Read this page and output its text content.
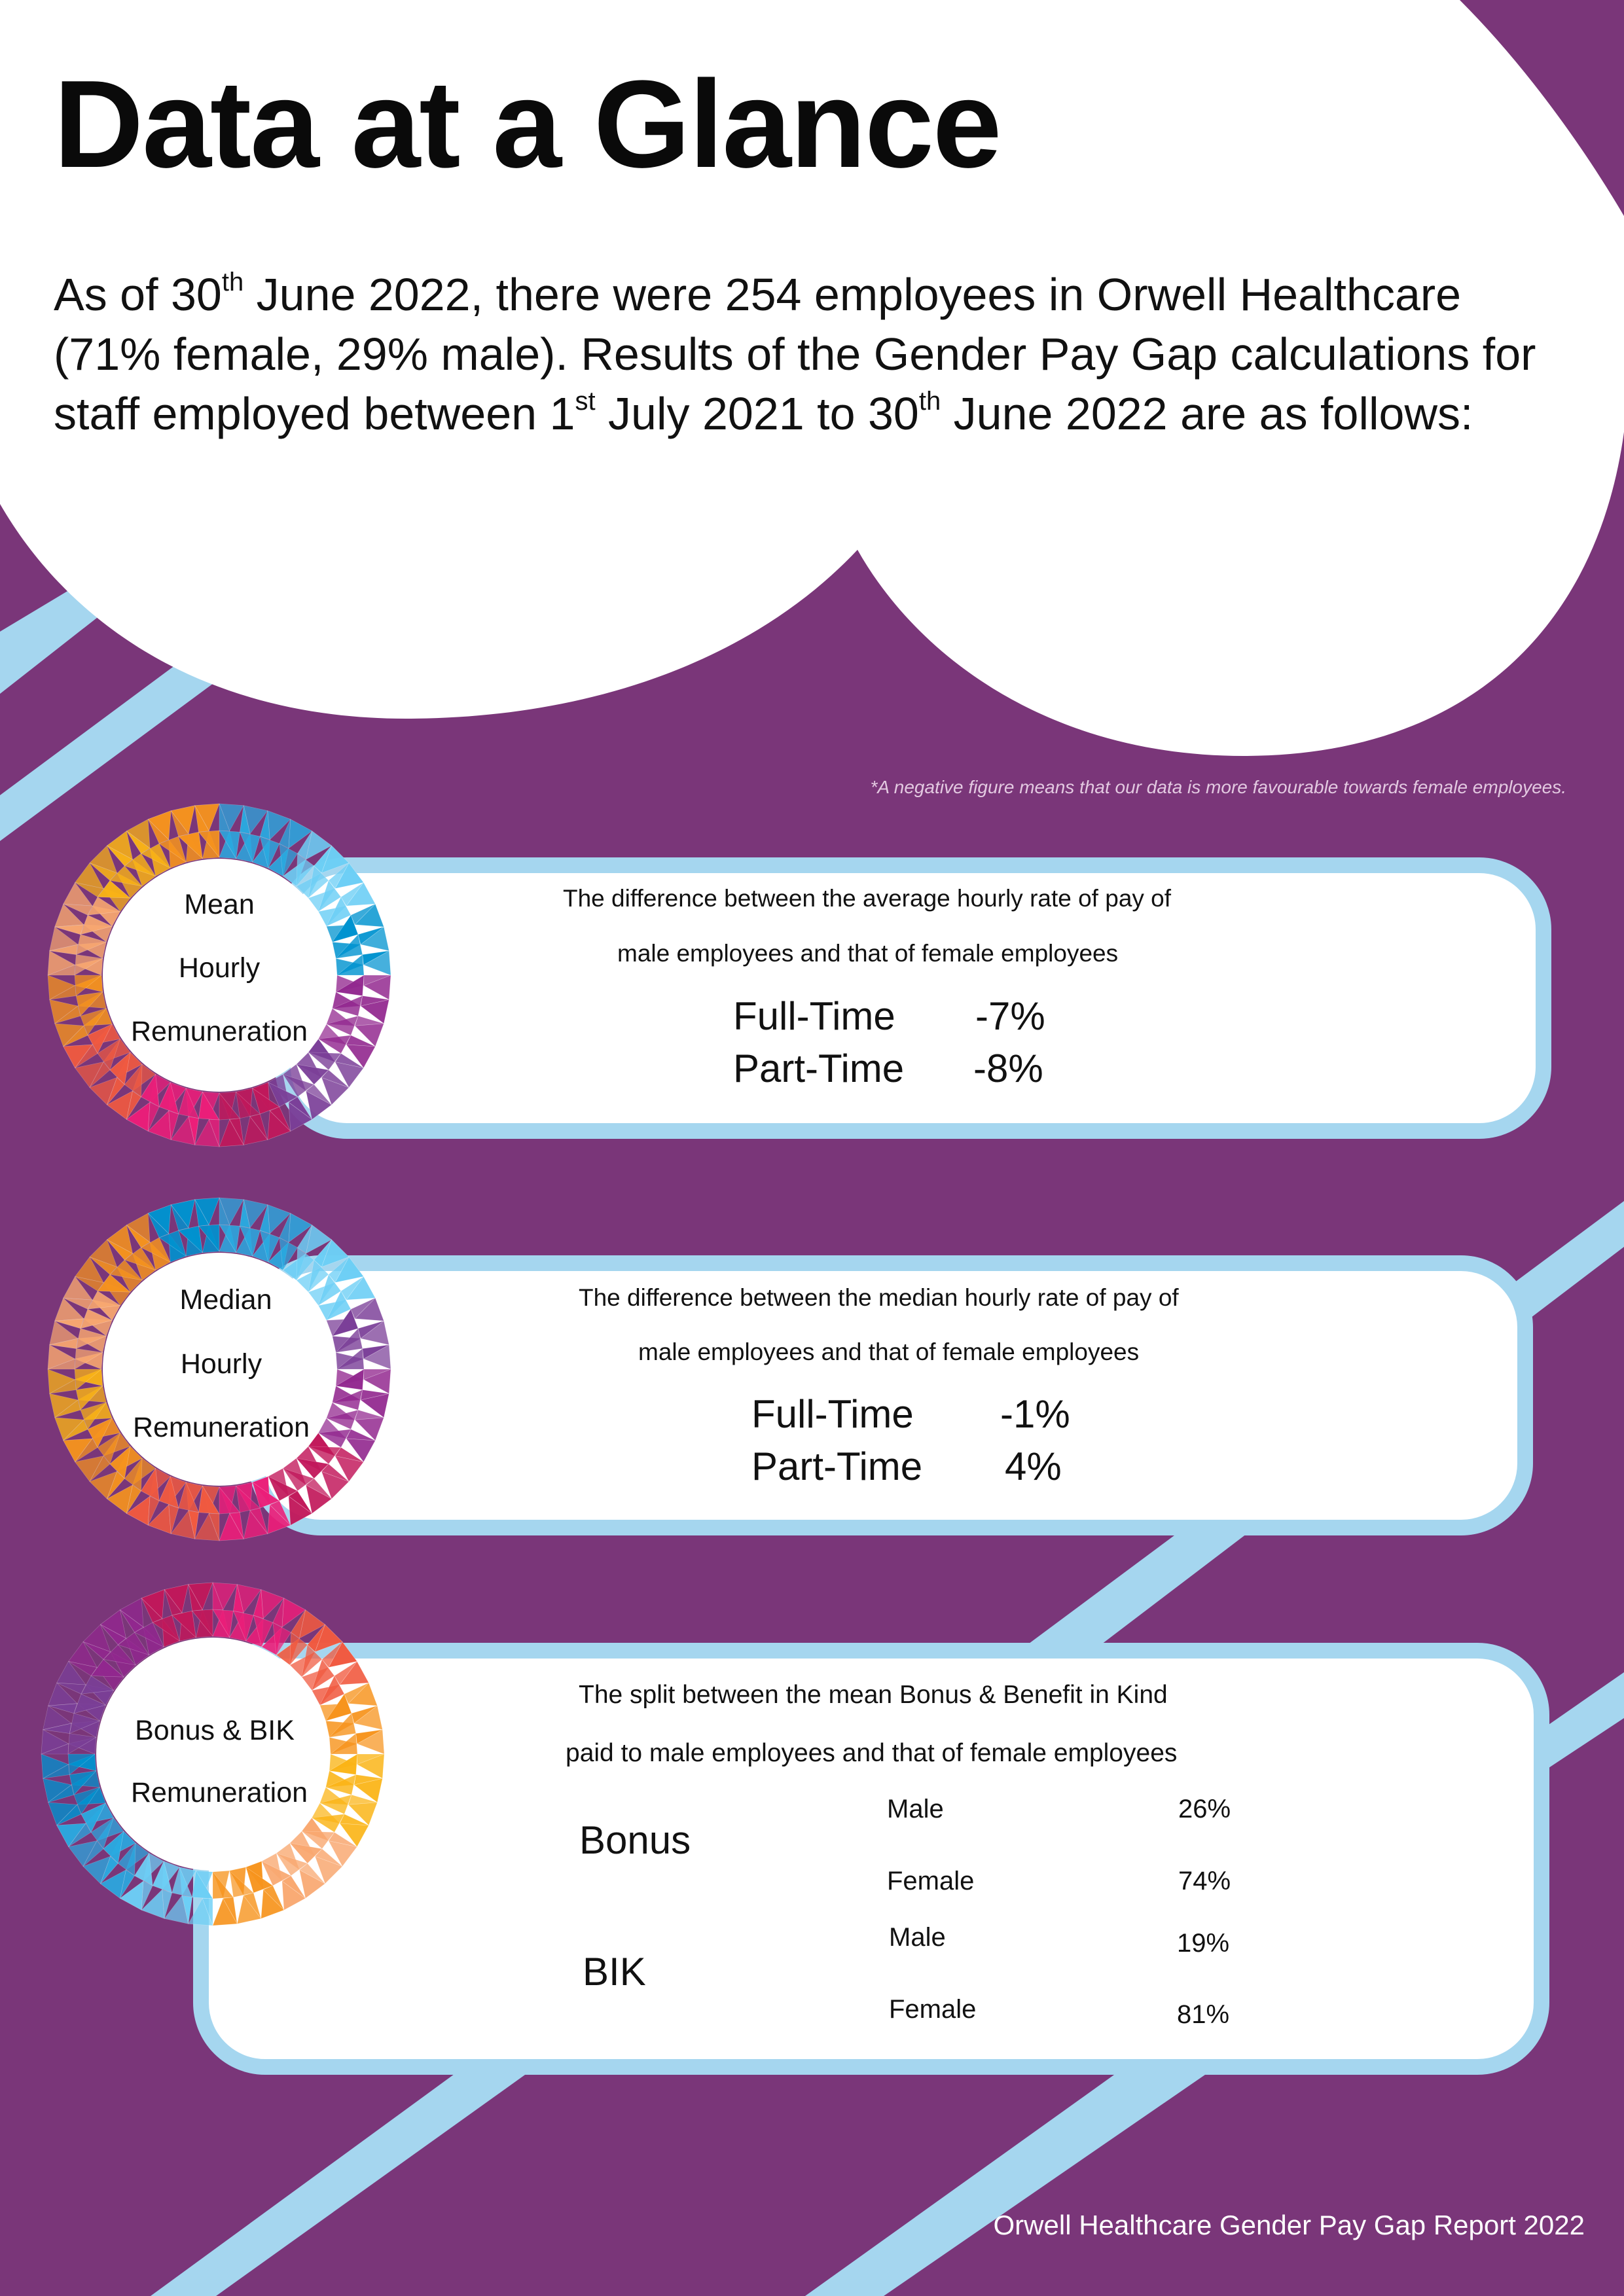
Data at a Glance

As of 30th June 2022, there were 254 employees in Orwell Healthcare (71% female, 29% male). Results of the Gender Pay Gap calculations for staff employed between 1st July 2021 to 30th June 2022 are as follows:

*A negative figure means that our data is more favourable towards female employees.
The difference between the average hourly rate of pay of
male employees and that of female employees
Full-Time -7%
Part-Time -8%
Mean
Hourly
Remuneration
The difference between the median hourly rate of pay of
male employees and that of female employees
Full-Time -1%
Part-Time 4%
Median
Hourly
Remuneration
The split between the mean Bonus & Benefit in Kind
paid to male employees and that of female employees
Bonus
Male	26%
Female	74%
BIK
Male	19%
Female	81%
Bonus & BIK
Remuneration
Orwell Healthcare Gender Pay Gap Report 2022
